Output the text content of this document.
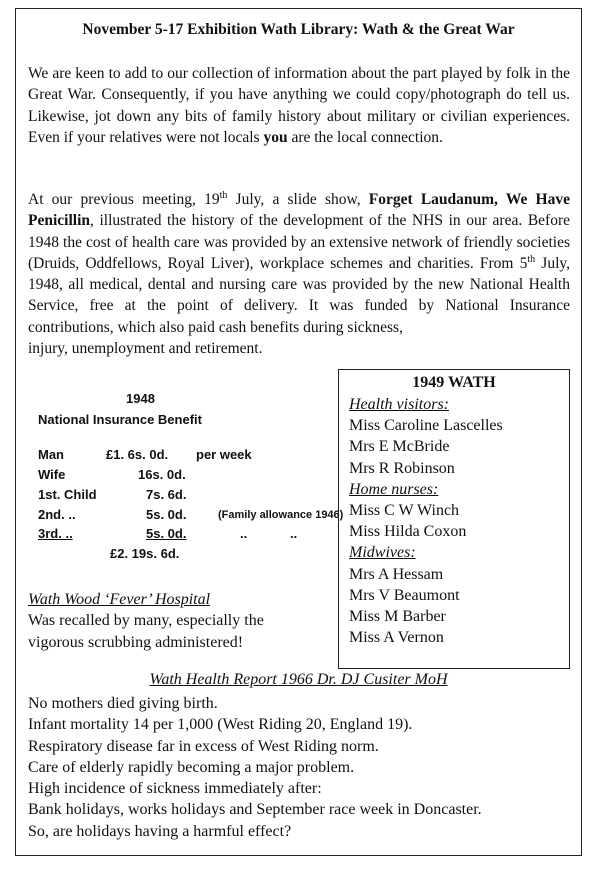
November 5-17 Exhibition Wath Library: Wath & the Great War

We are keen to add to our collection of information about the part played by folk in the Great War. Consequently, if you have anything we could copy/photograph do tell us. Likewise, jot down any bits of family history about military or civilian experiences. Even if your relatives were not locals you are the local connection.

At our previous meeting, 19th July, a slide show, Forget Laudanum, We Have Penicillin, illustrated the history of the development of the NHS in our area. Before 1948 the cost of health care was provided by an extensive network of friendly societies (Druids, Oddfellows, Royal Liver), workplace schemes and charities. From 5th July, 1948, all medical, dental and nursing care was provided by the new National Health Service, free at the point of delivery. It was funded by National Insurance contributions, which also paid cash benefits during sickness,
injury, unemployment and retirement.

1948
National Insurance Benefit
Man	£1. 6s. 0d. per week
Wife	16s. 0d.
1st. Child	7s. 6d.
2nd. ..	5s. 0d.	(Family allowance 1946)
3rd. ..	5s. 0d.	..	..
£2. 19s. 6d.
1949 WATH
Health visitors:
Miss Caroline Lascelles
Mrs E McBride
Mrs R Robinson
Home nurses:
Miss C W Winch
Miss Hilda Coxon
Midwives:
Mrs A Hessam
Mrs V Beaumont
Miss M Barber
Miss A Vernon
Wath Wood ‘Fever’ Hospital
Was recalled by many, especially the
vigorous scrubbing administered!
Wath Health Report 1966 Dr. DJ Cusiter MoH
No mothers died giving birth.
Infant mortality 14 per 1,000 (West Riding 20, England 19).
Respiratory disease far in excess of West Riding norm.
Care of elderly rapidly becoming a major problem.
High incidence of sickness immediately after:
Bank holidays, works holidays and September race week in Doncaster.
So, are holidays having a harmful effect?
